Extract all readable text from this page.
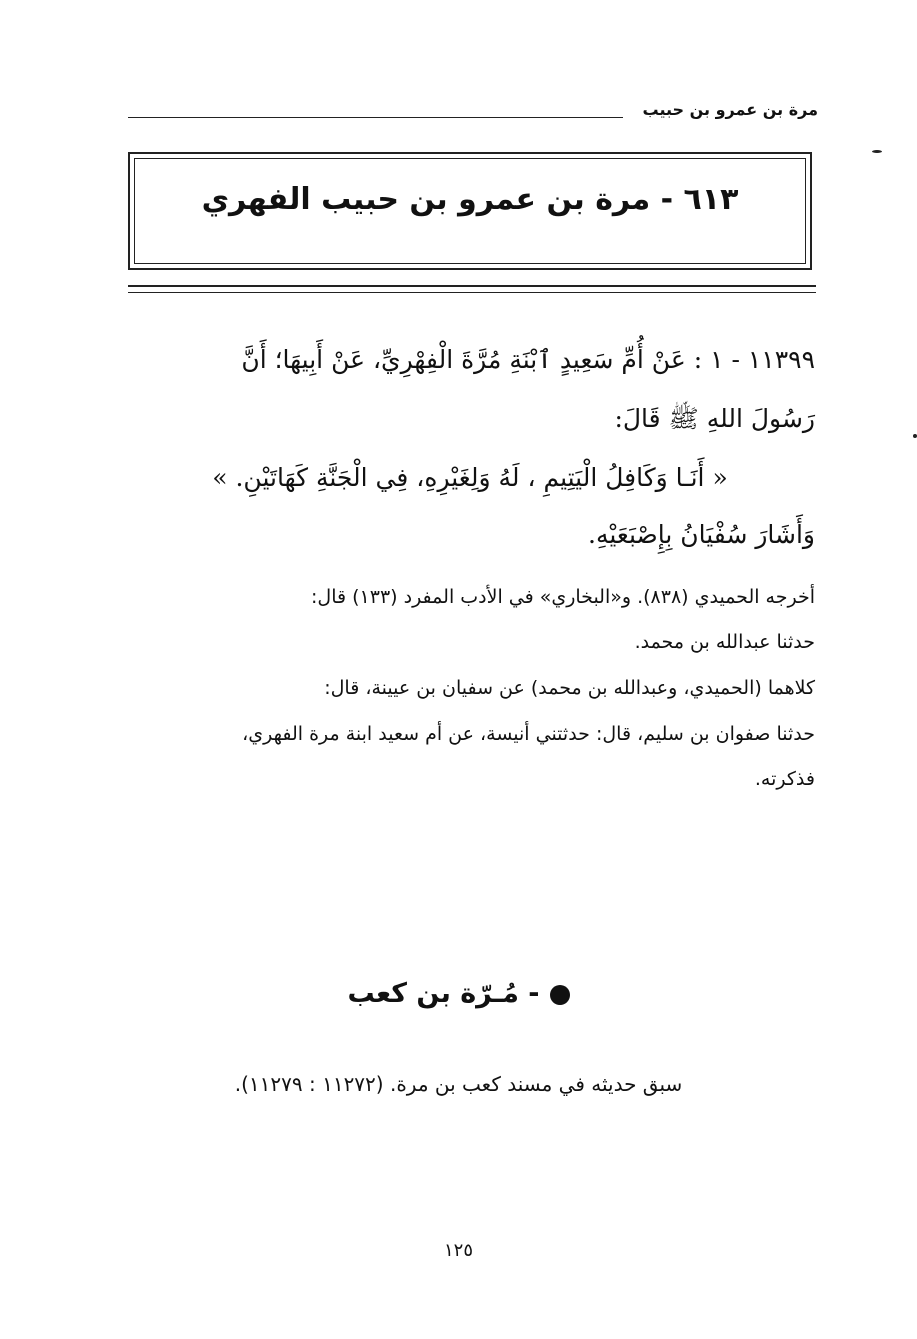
مرة بن عمرو بن حبيب
٦١٣ - مرة بن عمرو بن حبيب الفهري
١١٣٩٩ - ١ : عَنْ أُمِّ سَعِيدٍ ٱبْنَةِ مُرَّةَ الْفِهْرِيِّ، عَنْ أَبِيهَا؛ أَنَّ
رَسُولَ اللهِ ﷺ قَالَ:
« أَنَـا وَكَافِلُ الْيَتِيمِ ، لَهُ وَلِغَيْرِهِ، فِي الْجَنَّةِ كَهَاتَيْنِ. »
وَأَشَارَ سُفْيَانُ بِإِصْبَعَيْهِ.
أخرجه الحميدي (٨٣٨). و«البخاري» في الأدب المفرد (١٣٣) قال:
حدثنا عبدالله بن محمد.
كلاهما (الحميدي، وعبدالله بن محمد) عن سفيان بن عيينة، قال:
حدثنا صفوان بن سليم، قال: حدثتني أنيسة، عن أم سعيد ابنة مرة الفهري،
فذكرته.
- مُـرّة بن كعب
سبق حديثه في مسند كعب بن مرة. (١١٢٧٢ : ١١٢٧٩).
١٢٥
